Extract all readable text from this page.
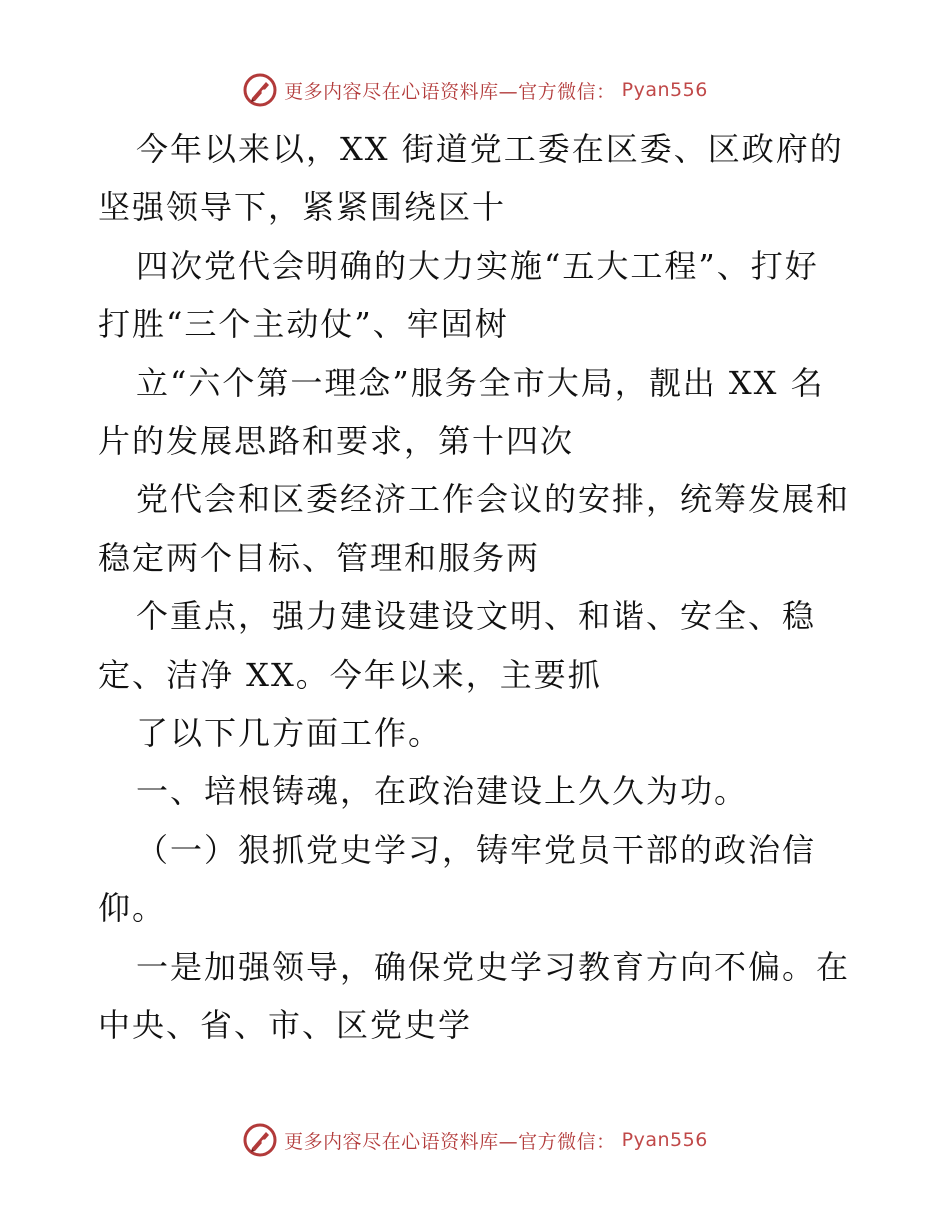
更多内容尽在心语资料库—官方微信： Pyan556

今年以来以，XX 街道党工委在区委、区政府的

坚强领导下，紧紧围绕区十

四次党代会明确的大力实施“五大工程”、打好

打胜“三个主动仗”、牢固树

立“六个第一理念”服务全市大局，靓出 XX 名

片的发展思路和要求，第十四次

党代会和区委经济工作会议的安排，统筹发展和

稳定两个目标、管理和服务两

个重点，强力建设建设文明、和谐、安全、稳

定、洁净 XX。今年以来，主要抓

了以下几方面工作。

一、培根铸魂，在政治建设上久久为功。

（一）狠抓党史学习，铸牢党员干部的政治信

仰。

一是加强领导，确保党史学习教育方向不偏。在

中央、省、市、区党史学

更多内容尽在心语资料库—官方微信： Pyan556
